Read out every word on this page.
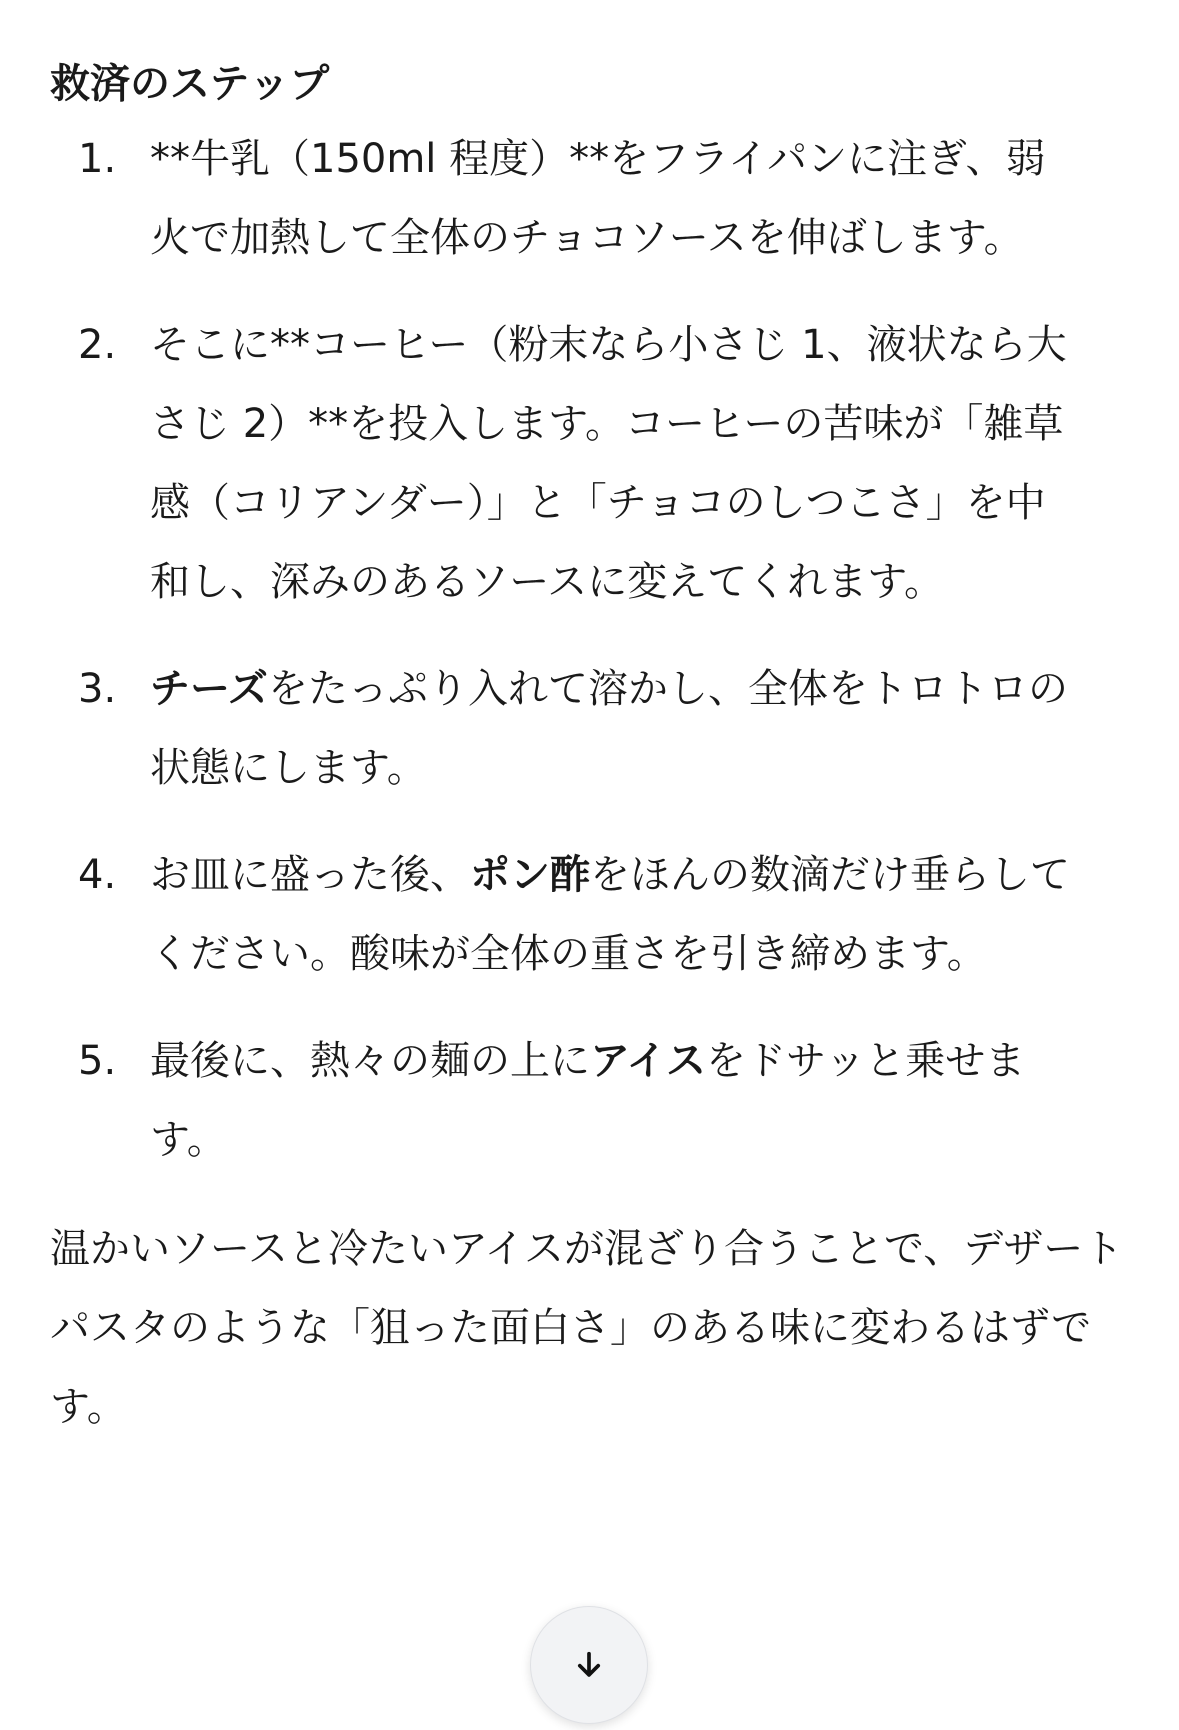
救済のステップ
1. **牛乳（150ml 程度）**をフライパンに注ぎ、弱火で加熱して全体のチョコソースを伸ばします。
2. そこに**コーヒー（粉末なら小さじ 1、液状なら大さじ 2）**を投入します。コーヒーの苦味が「雑草感（コリアンダー）」と「チョコのしつこさ」を中和し、深みのあるソースに変えてくれます。
3. チーズをたっぷり入れて溶かし、全体をトロトロの状態にします。
4. お皿に盛った後、ポン酢をほんの数滴だけ垂らしてください。酸味が全体の重さを引き締めます。
5. 最後に、熱々の麺の上にアイスをドサッと乗せます。

温かいソースと冷たいアイスが混ざり合うことで、デザートパスタのような「狙った面白さ」のある味に変わるはずです。
